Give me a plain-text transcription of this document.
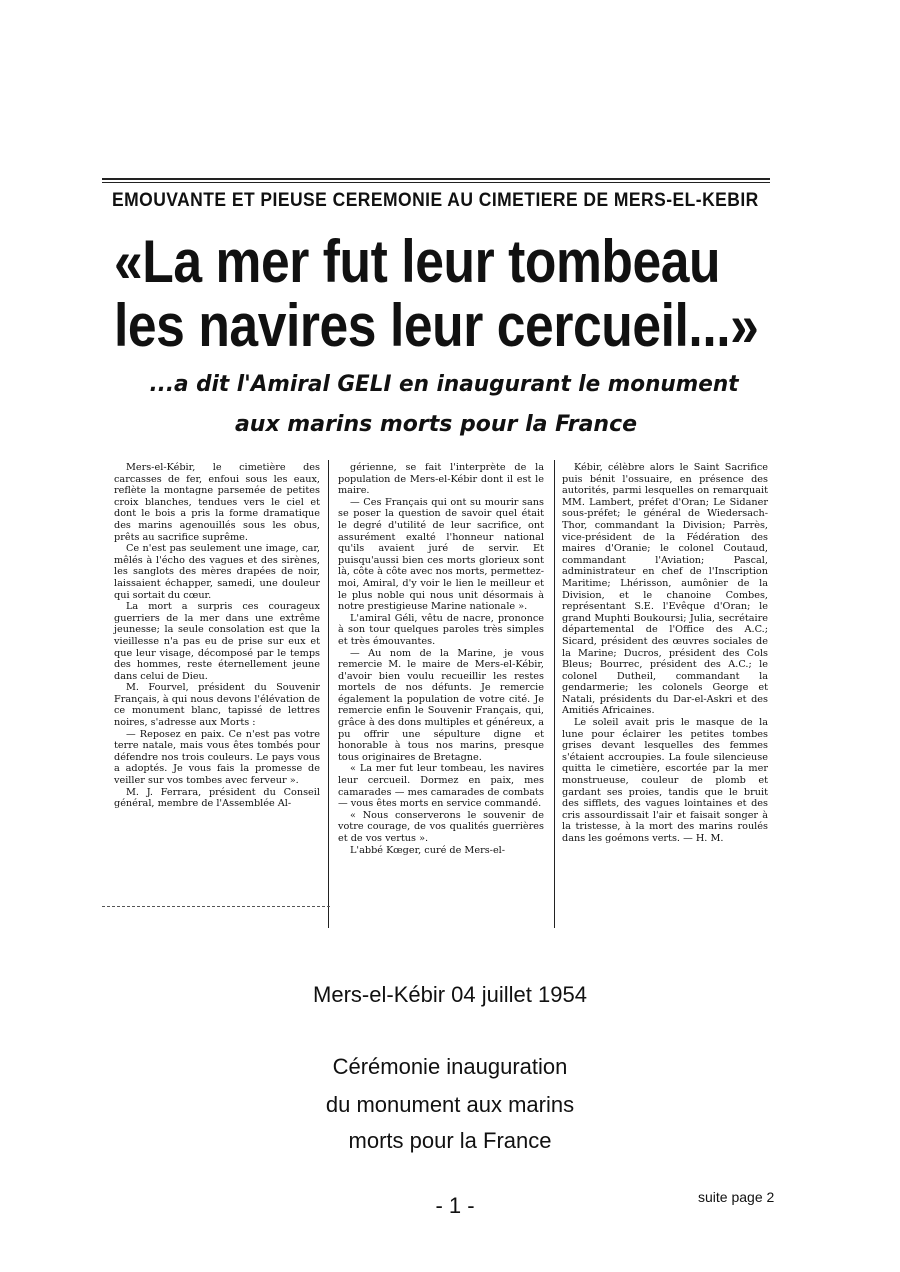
EMOUVANTE ET PIEUSE CEREMONIE AU CIMETIERE DE MERS-EL-KEBIR
«La mer fut leur tombeau
les navires leur cercueil...»
...a dit l'Amiral GELI en inaugurant le monument
aux marins morts pour la France

Mers-el-Kébir, le cimetière des carcasses de fer, enfoui sous les eaux, reflète la montagne parsemée de petites croix blanches, tendues vers le ciel et dont le bois a pris la forme dramatique des marins agenouillés sous les obus, prêts au sacrifice suprême.

Ce n'est pas seulement une image, car, mêlés à l'écho des vagues et des sirènes, les sanglots des mères drapées de noir, laissaient échapper, samedi, une douleur qui sortait du cœur.

La mort a surpris ces courageux guerriers de la mer dans une extrême jeunesse; la seule consolation est que la vieillesse n'a pas eu de prise sur eux et que leur visage, décomposé par le temps des hommes, reste éternellement jeune dans celui de Dieu.

M. Fourvel, président du Souvenir Français, à qui nous devons l'élévation de ce monument blanc, tapissé de lettres noires, s'adresse aux Morts :

— Reposez en paix. Ce n'est pas votre terre natale, mais vous êtes tombés pour défendre nos trois couleurs. Le pays vous a adoptés. Je vous fais la promesse de veiller sur vos tombes avec ferveur ».

M. J. Ferrara, président du Conseil général, membre de l'Assemblée Al-

gérienne, se fait l'interprète de la population de Mers-el-Kébir dont il est le maire.

— Ces Français qui ont su mourir sans se poser la question de savoir quel était le degré d'utilité de leur sacrifice, ont assurément exalté l'honneur national qu'ils avaient juré de servir. Et puisqu'aussi bien ces morts glorieux sont là, côte à côte avec nos morts, permettez-moi, Amiral, d'y voir le lien le meilleur et le plus noble qui nous unit désormais à notre prestigieuse Marine nationale ».

L'amiral Géli, vêtu de nacre, prononce à son tour quelques paroles très simples et très émouvantes.

— Au nom de la Marine, je vous remercie M. le maire de Mers-el-Kébir, d'avoir bien voulu recueillir les restes mortels de nos défunts. Je remercie également la population de votre cité. Je remercie enfin le Souvenir Français, qui, grâce à des dons multiples et généreux, a pu offrir une sépulture digne et honorable à tous nos marins, presque tous originaires de Bretagne.

« La mer fut leur tombeau, les navires leur cercueil. Dormez en paix, mes camarades — mes camarades de combats — vous êtes morts en service commandé.

« Nous conserverons le souvenir de votre courage, de vos qualités guerrières et de vos vertus ».

L'abbé Kœger, curé de Mers-el-

Kébir, célèbre alors le Saint Sacrifice puis bénit l'ossuaire, en présence des autorités, parmi lesquelles on remarquait MM. Lambert, préfet d'Oran; Le Sidaner sous-préfet; le général de Wiedersach-Thor, commandant la Division; Parrès, vice-président de la Fédération des maires d'Oranie; le colonel Coutaud, commandant l'Aviation; Pascal, administrateur en chef de l'Inscription Maritime; Lhérisson, aumônier de la Division, et le chanoine Combes, représentant S.E. l'Evêque d'Oran; le grand Muphti Boukoursi; Julia, secrétaire départemental de l'Office des A.C.; Sicard, président des œuvres sociales de la Marine; Ducros, président des Cols Bleus; Bourrec, président des A.C.; le colonel Dutheil, commandant la gendarmerie; les colonels George et Natali, présidents du Dar-el-Askri et des Amitiés Africaines.

Le soleil avait pris le masque de la lune pour éclairer les petites tombes grises devant lesquelles des femmes s'étaient accroupies. La foule silencieuse quitta le cimetière, escortée par la mer monstrueuse, couleur de plomb et gardant ses proies, tandis que le bruit des sifflets, des vagues lointaines et des cris assourdissait l'air et faisait songer à la tristesse, à la mort des marins roulés dans les goémons verts. — H. M.

Mers-el-Kébir 04 juillet 1954
Cérémonie inauguration
du monument aux marins
morts pour la France
- 1 -	suite page 2
